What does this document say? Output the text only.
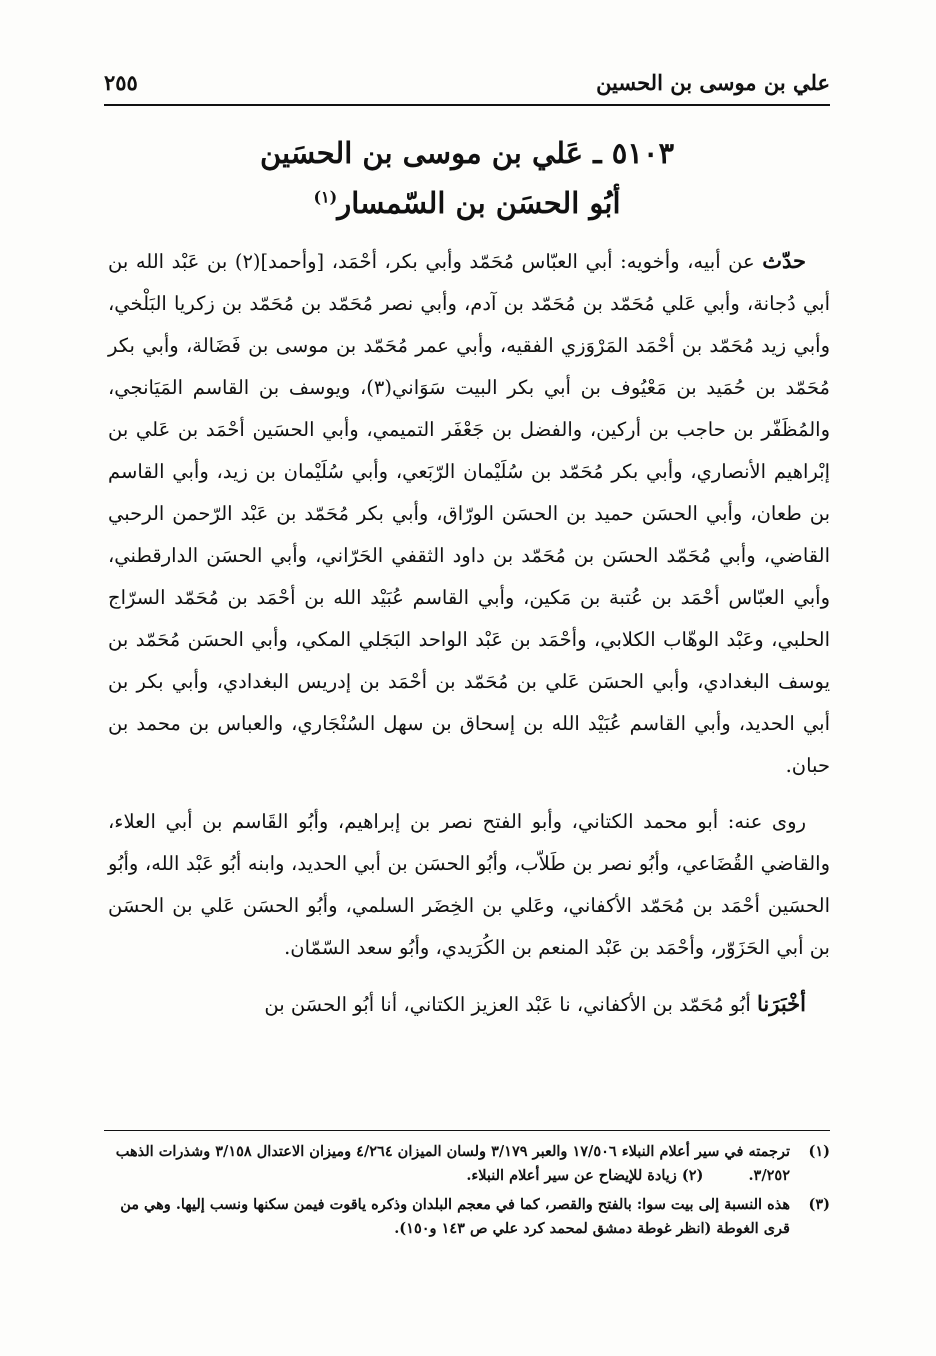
علي بن موسى بن الحسين
٢٥٥
٥١٠٣ ـ عَلي بن موسى بن الحسَين
أبُو الحسَن بن السّمسار$^{(١)}$

حدّث عن أبيه، وأخويه: أبي العبّاس مُحَمّد وأبي بكر، أحْمَد، [وأحمد](٢) بن عَبْد الله بن أبي دُجانة، وأبي عَلي مُحَمّد بن مُحَمّد بن آدم، وأبي نصر مُحَمّد بن مُحَمّد بن زكريا البَلْخي، وأبي زيد مُحَمّد بن أحْمَد المَرْوَزي الفقيه، وأبي عمر مُحَمّد بن موسى بن فَضَالة، وأبي بكر مُحَمّد بن حُمَيد بن مَعْيُوف بن أبي بكر البيت سَوَاني(٣)، ويوسف بن القاسم المَيَانجي، والمُظَفّر بن حاجب بن أركين، والفضل بن جَعْفَر التميمي، وأبي الحسَين أحْمَد بن عَلي بن إبْراهيم الأنصاري، وأبي بكر مُحَمّد بن سُلَيْمان الرّبَعي، وأبي سُلَيْمان بن زيد، وأبي القاسم بن طعان، وأبي الحسَن حميد بن الحسَن الورّاق، وأبي بكر مُحَمّد بن عَبْد الرّحمن الرحبي القاضي، وأبي مُحَمّد الحسَن بن مُحَمّد بن داود الثقفي الحَرّاني، وأبي الحسَن الدارقطني، وأبي العبّاس أحْمَد بن عُتبة بن مَكين، وأبي القاسم عُبَيْد الله بن أحْمَد بن مُحَمّد السرّاج الحلبي، وعَبْد الوهّاب الكلابي، وأحْمَد بن عَبْد الواحد البَجَلي المكي، وأبي الحسَن مُحَمّد بن يوسف البغدادي، وأبي الحسَن عَلي بن مُحَمّد بن أحْمَد بن إدريس البغدادي، وأبي بكر بن أبي الحديد، وأبي القاسم عُبَيْد الله بن إسحاق بن سهل السُنْجَاري، والعباس بن محمد بن حبان.

روى عنه: أبو محمد الكتاني، وأبو الفتح نصر بن إبراهيم، وأبُو القَاسم بن أبي العلاء، والقاضي القُضَاعي، وأبُو نصر بن طَلاّب، وأبُو الحسَن بن أبي الحديد، وابنه أبُو عَبْد الله، وأبُو الحسَين أحْمَد بن مُحَمّد الأكفاني، وعَلي بن الخِضَر السلمي، وأبُو الحسَن عَلي بن الحسَن بن أبي الحَزَوّر، وأحْمَد بن عَبْد المنعم بن الكُرَيدي، وأبُو سعد السّمّان.

أخْبَرَنا أبُو مُحَمّد بن الأكفاني، نا عَبْد العزيز الكتاني، أنا أبُو الحسَن بن

(١)
ترجمته في سير أعلام النبلاء ١٧/٥٠٦ والعبر ٣/١٧٩ ولسان الميزان ٤/٢٦٤ وميزان الاعتدال ٣/١٥٨ وشذرات الذهب ٣/٢٥٢. (٢) زيادة للإيضاح عن سير أعلام النبلاء.
(٣)
هذه النسبة إلى بيت سوا: بالفتح والقصر، كما في معجم البلدان وذكره ياقوت فيمن سكنها ونسب إليها. وهي من قرى الغوطة (انظر غوطة دمشق لمحمد كرد علي ص ١٤٣ و١٥٠).
